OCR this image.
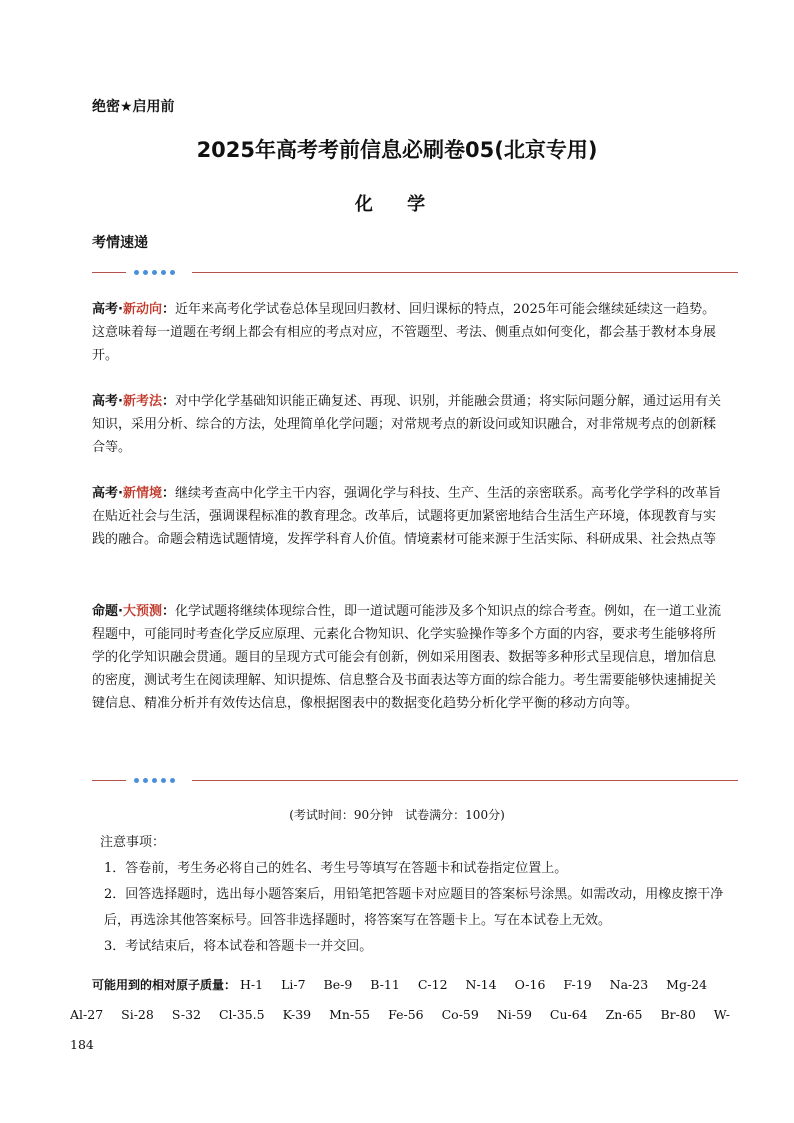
绝密★启用前
2025年高考考前信息必刷卷05(北京专用)
化 学
考情速递
高考·新动向：近年来高考化学试卷总体呈现回归教材、回归课标的特点，2025年可能会继续延续这一趋势。这意味着每一道题在考纲上都会有相应的考点对应，不管题型、考法、侧重点如何变化，都会基于教材本身展开。
高考·新考法：对中学化学基础知识能正确复述、再现、识别，并能融会贯通；将实际问题分解，通过运用有关知识，采用分析、综合的方法，处理简单化学问题；对常规考点的新设问或知识融合，对非常规考点的创新糅合等。
高考·新情境：继续考查高中化学主干内容，强调化学与科技、生产、生活的亲密联系。高考化学学科的改革旨在贴近社会与生活，强调课程标准的教育理念。改革后，试题将更加紧密地结合生活生产环境，体现教育与实践的融合。命题会精选试题情境，发挥学科育人价值。情境素材可能来源于生活实际、科研成果、社会热点等
命题·大预测：化学试题将继续体现综合性，即一道试题可能涉及多个知识点的综合考查。例如，在一道工业流程题中，可能同时考查化学反应原理、元素化合物知识、化学实验操作等多个方面的内容，要求考生能够将所学的化学知识融会贯通。题目的呈现方式可能会有创新，例如采用图表、数据等多种形式呈现信息，增加信息的密度，测试考生在阅读理解、知识提炼、信息整合及书面表达等方面的综合能力。考生需要能够快速捕捉关键信息、精准分析并有效传达信息，像根据图表中的数据变化趋势分析化学平衡的移动方向等。
(考试时间：90分钟　试卷满分：100分)
注意事项：
1．答卷前，考生务必将自己的姓名、考生号等填写在答题卡和试卷指定位置上。
2．回答选择题时，选出每小题答案后，用铅笔把答题卡对应题目的答案标号涂黑。如需改动，用橡皮擦干净后，再选涂其他答案标号。回答非选择题时，将答案写在答题卡上。写在本试卷上无效。
3．考试结束后，将本试卷和答题卡一并交回。
可能用到的相对原子质量： H-1 Li-7 Be-9 B-11 C-12 N-14 O-16 F-19 Na-23 Mg-24
Al-27 Si-28 S-32 Cl-35.5 K-39 Mn-55 Fe-56 Co-59 Ni-59 Cu-64 Zn-65 Br-80 W-184
